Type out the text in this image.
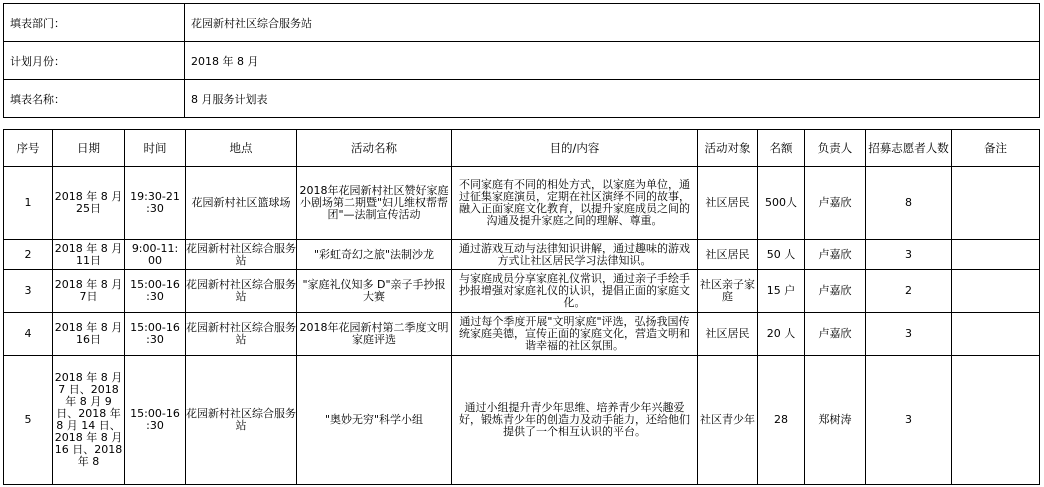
填表部门：	花园新村社区综合服务站
计划月份：	2018 年 8 月
填表名称：	8 月服务计划表
序号	日期	时间	地点	活动名称	目的/内容	活动对象	名额	负责人	招募志愿者人数	备注
1	2018 年 8 月 25日	19:30-21 :30	花园新村社区篮球场	2018年花园新村社区赞好家庭小剧场第二期暨"妇儿维权帮帮团"—法制宣传活动	不同家庭有不同的相处方式，以家庭为单位，通过征集家庭演员，定期在社区演绎不同的故事，融入正面家庭文化教育，以提升家庭成员之间的沟通及提升家庭之间的理解、尊重。	社区居民	500人	卢嘉欣	8	
2	2018 年 8 月 11日	9:00-11: 00	花园新村社区综合服务站	"彩虹奇幻之旅"法制沙龙	通过游戏互动与法律知识讲解，通过趣味的游戏方式让社区居民学习法律知识。	社区居民	50 人	卢嘉欣	3	
3	2018 年 8 月 7日	15:00-16 :30	花园新村社区综合服务站	"家庭礼仪知多 D"亲子手抄报大赛	与家庭成员分享家庭礼仪常识，通过亲子手绘手抄报增强对家庭礼仪的认识，提倡正面的家庭文化。	社区亲子家庭	15 户	卢嘉欣	2	
4	2018 年 8 月 16日	15:00-16 :30	花园新村社区综合服务站	2018年花园新村第二季度文明家庭评选	通过每个季度开展"文明家庭"评选，弘扬我国传统家庭美德，宣传正面的家庭文化，营造文明和谐幸福的社区氛围。	社区居民	20 人	卢嘉欣	3	
5	2018 年 8 月 7 日、2018 年 8 月 9 日、2018 年 8 月 14 日、2018 年 8 月 16 日、2018 年 8	15:00-16 :30	花园新村社区综合服务站	"奥妙无穷"科学小组	通过小组提升青少年思维、培养青少年兴趣爱好，锻炼青少年的创造力及动手能力，还给他们提供了一个相互认识的平台。	社区青少年	28	郑树涛	3	
